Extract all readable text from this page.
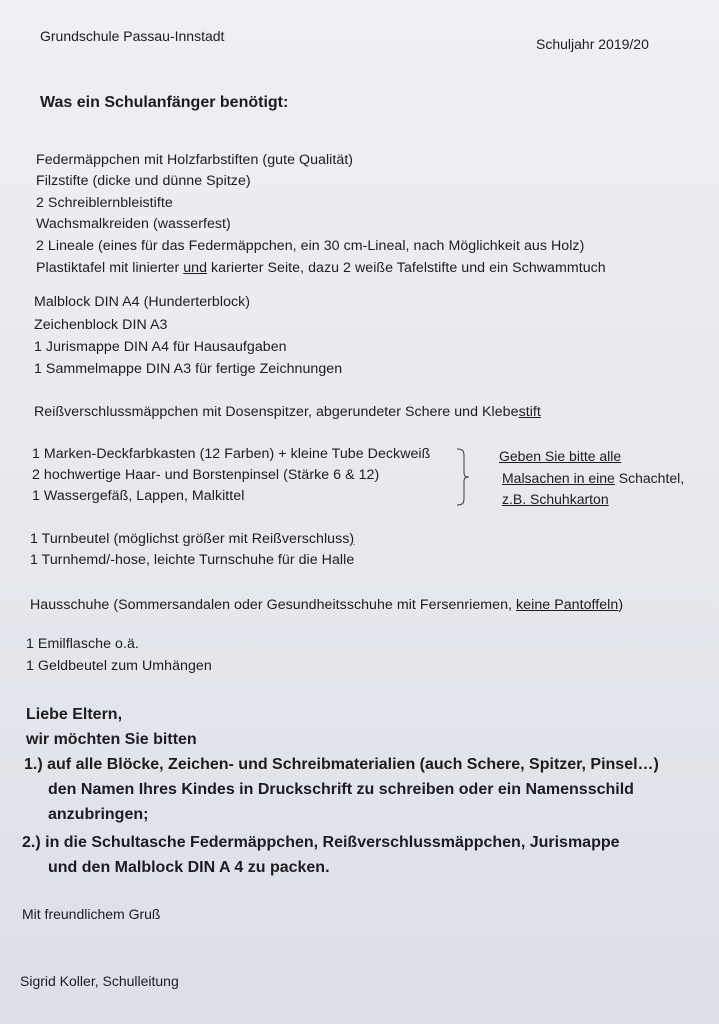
Grundschule Passau-Innstadt	Schuljahr 2019/20
Was ein Schulanfänger benötigt:
Federmäppchen mit Holzfarbstiften (gute Qualität)
Filzstifte (dicke und dünne Spitze)
2 Schreiblernbleistifte
Wachsmalkreiden (wasserfest)
2 Lineale (eines für das Federmäppchen, ein 30 cm-Lineal, nach Möglichkeit aus Holz)
Plastiktafel mit linierter und karierter Seite, dazu 2 weiße Tafelstifte und ein Schwammtuch
Malblock DIN A4 (Hunderterblock)
Zeichenblock DIN A3
1 Jurismappe DIN A4 für Hausaufgaben
1 Sammelmappe DIN A3 für fertige Zeichnungen
Reißverschlussmäppchen mit Dosenspitzer, abgerundeter Schere und Klebestift
1 Marken-Deckfarbkasten (12 Farben) + kleine Tube Deckweiß
2 hochwertige Haar- und Borstenpinsel (Stärke 6 & 12)
1 Wassergefäß, Lappen, Malkittel
Geben Sie bitte alle
Malsachen in eine Schachtel,
z.B. Schuhkarton
1 Turnbeutel (möglichst größer mit Reißverschluss)
1 Turnhemd/-hose, leichte Turnschuhe für die Halle
Hausschuhe (Sommersandalen oder Gesundheitsschuhe mit Fersenriemen, keine Pantoffeln)
1 Emilflasche o.ä.
1 Geldbeutel zum Umhängen
Liebe Eltern,
wir möchten Sie bitten
1.) auf alle Blöcke, Zeichen- und Schreibmaterialien (auch Schere, Spitzer, Pinsel…)
den Namen Ihres Kindes in Druckschrift zu schreiben oder ein Namensschild
anzubringen;
2.) in die Schultasche Federmäppchen, Reißverschlussmäppchen, Jurismappe
und den Malblock DIN A 4 zu packen.
Mit freundlichem Gruß
Sigrid Koller, Schulleitung
